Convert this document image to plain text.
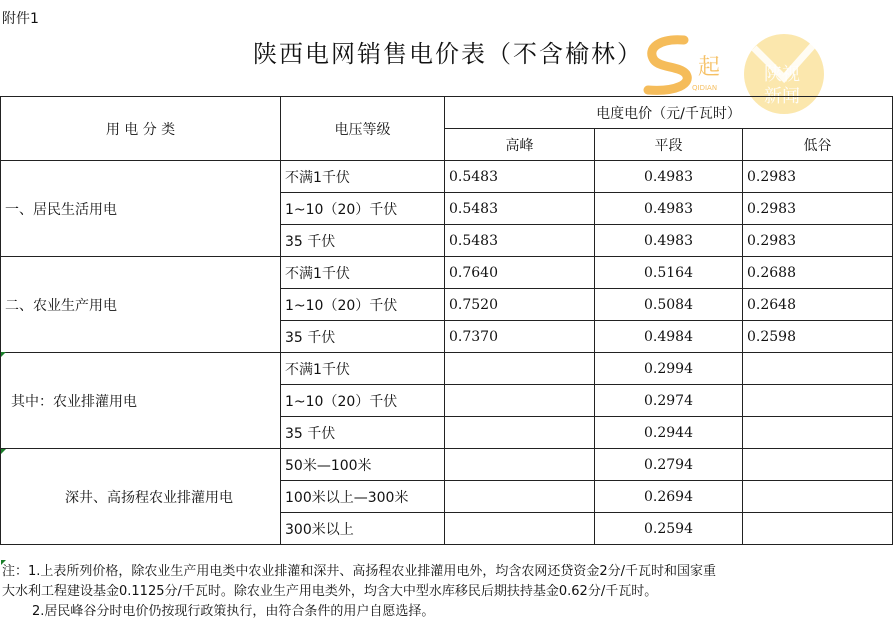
附件1
陕西电网销售电价表（不含榆林）	起
QIDIAN
陕视
新闻
用 电 分 类	电压等级	电度电价（元/千瓦时）		
		高峰	平段	低谷
一、居民生活用电	不满1千伏	0.5483	0.4983	0.2983
	1~10（20）千伏	0.5483	0.4983	0.2983
	35 千伏	0.5483	0.4983	0.2983
二、农业生产用电	不满1千伏	0.7640	0.5164	0.2688
	1~10（20）千伏	0.7520	0.5084	0.2648
	35 千伏	0.7370	0.4984	0.2598
其中：农业排灌用电	不满1千伏		0.2994	
	1~10（20）千伏		0.2974	
	35 千伏		0.2944	
深井、高扬程农业排灌用电	50米—100米		0.2794	
	100米以上—300米		0.2694	
	300米以上		0.2594	
注：1.上表所列价格，除农业生产用电类中农业排灌和深井、高扬程农业排灌用电外，均含农网还贷资金2分/千瓦时和国家重
大水利工程建设基金0.1125分/千瓦时。除农业生产用电类外，均含大中型水库移民后期扶持基金0.62分/千瓦时。
2.居民峰谷分时电价仍按现行政策执行，由符合条件的用户自愿选择。
